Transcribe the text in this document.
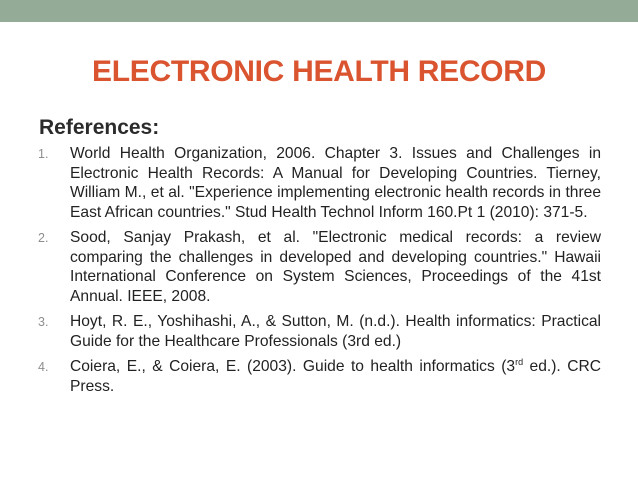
ELECTRONIC HEALTH RECORD
References:
1. World Health Organization, 2006. Chapter 3. Issues and Challenges in Electronic Health Records: A Manual for Developing Countries. Tierney, William M., et al. "Experience implementing electronic health records in three East African countries." Stud Health Technol Inform 160.Pt 1 (2010): 371-5.
2. Sood, Sanjay Prakash, et al. "Electronic medical records: a review comparing the challenges in developed and developing countries." Hawaii International Conference on System Sciences, Proceedings of the 41st Annual. IEEE, 2008.
3. Hoyt, R. E., Yoshihashi, A., & Sutton, M. (n.d.). Health informatics: Practical Guide for the Healthcare Professionals (3rd ed.)
4. Coiera, E., & Coiera, E. (2003). Guide to health informatics (3rd ed.). CRC Press.
